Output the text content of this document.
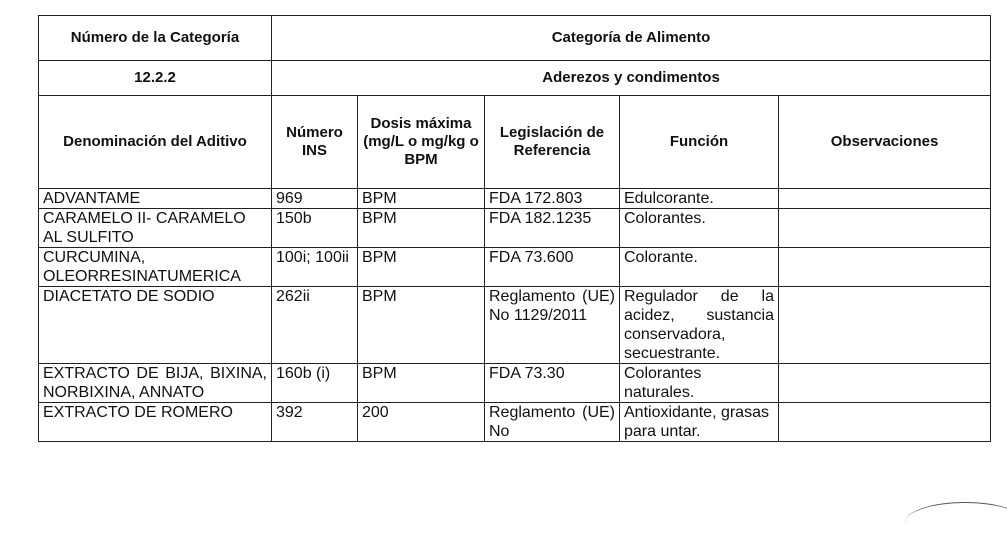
Número de la Categoría	Categoría de Alimento				
12.2.2	Aderezos y condimentos				
Denominación del Aditivo	Número INS	Dosis máxima (mg/L o mg/kg o BPM	Legislación de Referencia	Función	Observaciones
ADVANTAME	969	BPM	FDA 172.803	Edulcorante.	
CARAMELO II- CARAMELO AL SULFITO	150b	BPM	FDA 182.1235	Colorantes.	
CURCUMINA, OLEORRESINATUMERICA	100i; 100ii	BPM	FDA 73.600	Colorante.	
DIACETATO DE SODIO	262ii	BPM	Reglamento (UE) No 1129/2011	Regulador de la acidez, sustancia conservadora, secuestrante.	
EXTRACTO DE BIJA, BIXINA, NORBIXINA, ANNATO	160b (i)	BPM	FDA 73.30	Colorantes naturales.	
EXTRACTO DE ROMERO	392	200	Reglamento (UE) No	Antioxidante, grasas para untar.	
